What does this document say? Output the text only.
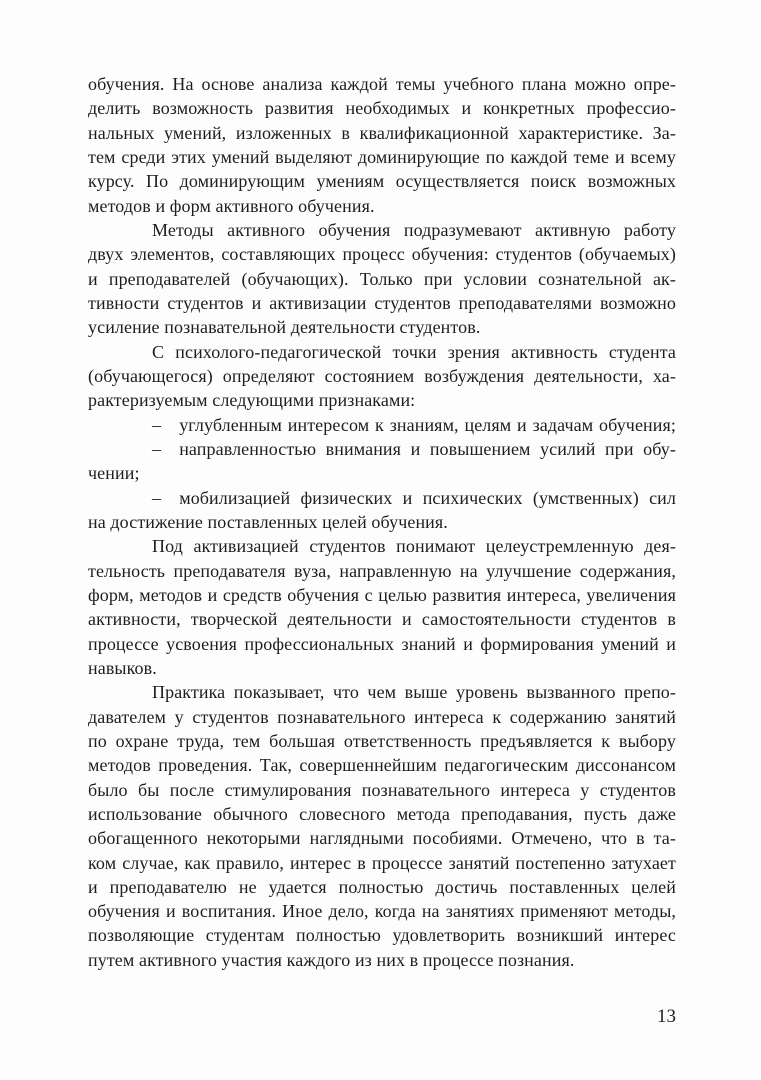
обучения. На основе анализа каждой темы учебного плана можно опре-
делить возможность развития необходимых и конкретных профессио-
нальных умений, изложенных в квалификационной характеристике. За-
тем среди этих умений выделяют доминирующие по каждой теме и всему
курсу. По доминирующим умениям осуществляется поиск возможных
методов и форм активного обучения.
Методы активного обучения подразумевают активную работу
двух элементов, составляющих процесс обучения: студентов (обучаемых)
и преподавателей (обучающих). Только при условии сознательной ак-
тивности студентов и активизации студентов преподавателями возможно
усиление познавательной деятельности студентов.
С психолого-педагогической точки зрения активность студента
(обучающегося) определяют состоянием возбуждения деятельности, ха-
рактеризуемым следующими признаками:
– углубленным интересом к знаниям, целям и задачам обучения;
– направленностью внимания и повышением усилий при обу-
чении;
– мобилизацией физических и психических (умственных) сил
на достижение поставленных целей обучения.
Под активизацией студентов понимают целеустремленную дея-
тельность преподавателя вуза, направленную на улучшение содержания,
форм, методов и средств обучения с целью развития интереса, увеличения
активности, творческой деятельности и самостоятельности студентов в
процессе усвоения профессиональных знаний и формирования умений и
навыков.
Практика показывает, что чем выше уровень вызванного препо-
давателем у студентов познавательного интереса к содержанию занятий
по охране труда, тем большая ответственность предъявляется к выбору
методов проведения. Так, совершеннейшим педагогическим диссонансом
было бы после стимулирования познавательного интереса у студентов
использование обычного словесного метода преподавания, пусть даже
обогащенного некоторыми наглядными пособиями. Отмечено, что в та-
ком случае, как правило, интерес в процессе занятий постепенно затухает
и преподавателю не удается полностью достичь поставленных целей
обучения и воспитания. Иное дело, когда на занятиях применяют методы,
позволяющие студентам полностью удовлетворить возникший интерес
путем активного участия каждого из них в процессе познания.
13
